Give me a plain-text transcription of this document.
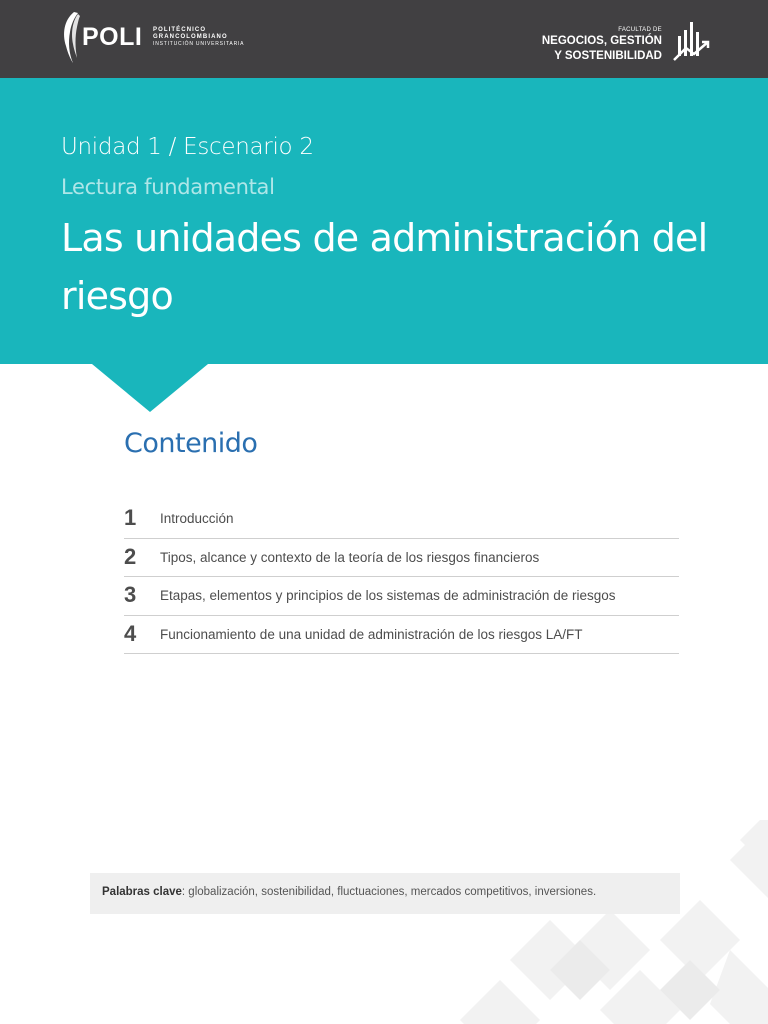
POLI POLITÉCNICO
GRANCOLOMBIANO
INSTITUCIÓN UNIVERSITARIA
FACULTAD DE
NEGOCIOS, GESTIÓN
Y SOSTENIBILIDAD
Unidad 1 / Escenario 2
Lectura fundamental
Las unidades de administración del riesgo
Contenido
1 Introducción
2 Tipos, alcance y contexto de la teoría de los riesgos financieros
3 Etapas, elementos y principios de los sistemas de administración de riesgos
4 Funcionamiento de una unidad de administración de los riesgos LA/FT
Palabras clave: globalización, sostenibilidad, fluctuaciones, mercados competitivos, inversiones.
